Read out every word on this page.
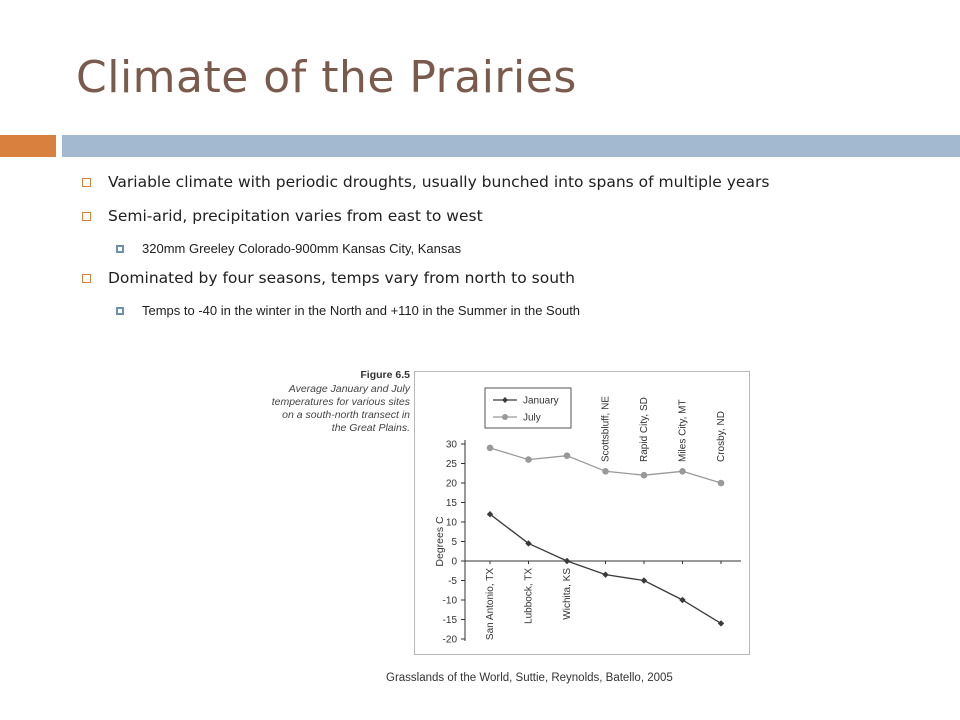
Climate of the Prairies
Variable climate with periodic droughts, usually bunched into spans of multiple years
Semi-arid, precipitation varies from east to west
320mm Greeley Colorado-900mm Kansas City, Kansas
Dominated by four seasons, temps vary from north to south
Temps to -40 in the winter in the North and +110 in the Summer in the South
Figure 6.5
Average January and July
temperatures for various sites
on a south-north transect in
the Great Plains.
30
25
20
15
10
5
0
-5
-10
-15
-20
Degrees C
San Antonio, TX	Lubbock, TX	Wichita, KS
Scottsbluff, NE	Rapid City, SD	Miles City, MT	Crosby, ND
January
July
Grasslands of the World, Suttie, Reynolds, Batello, 2005
